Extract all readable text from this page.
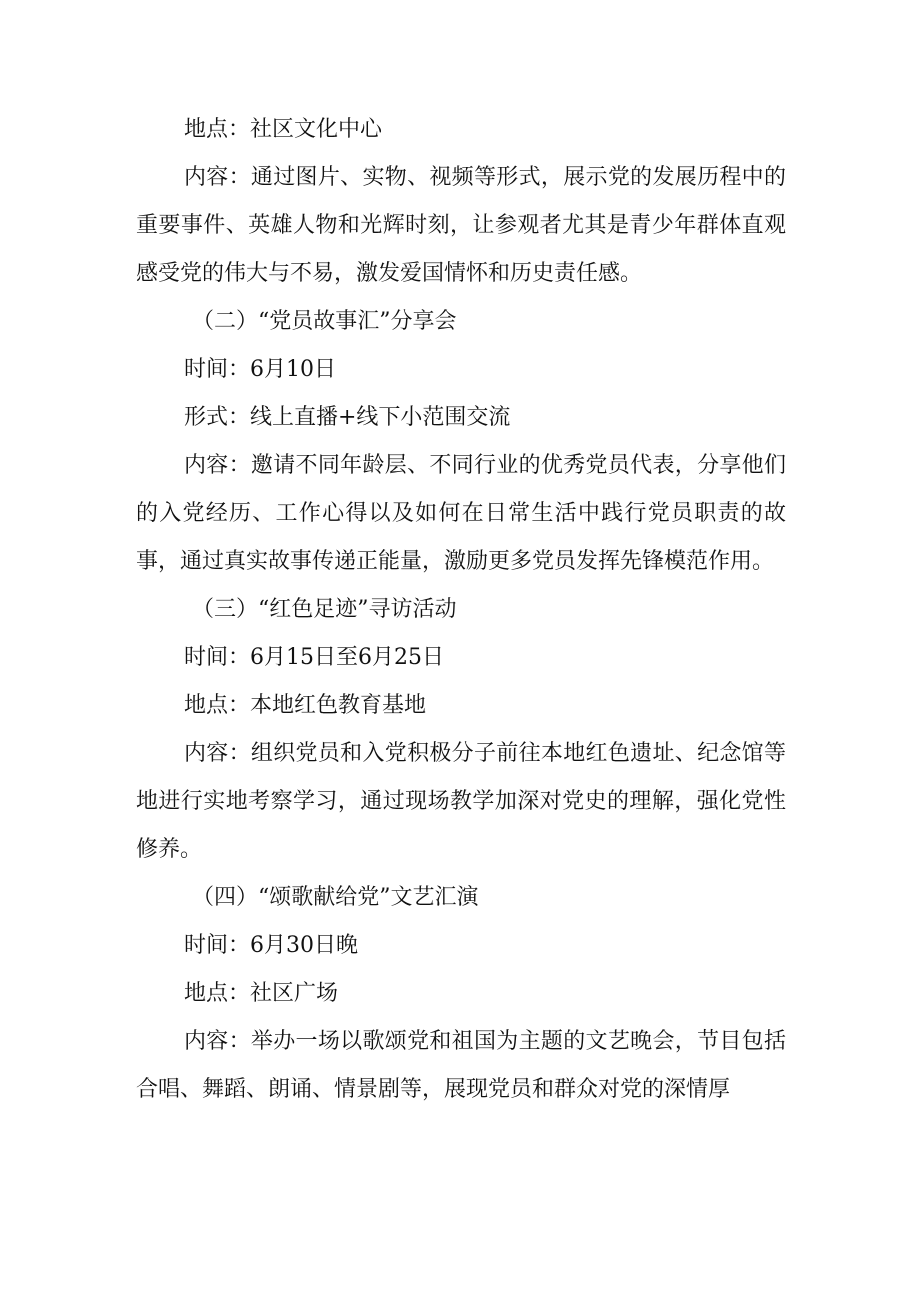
地点：社区文化中心

内容：通过图片、实物、视频等形式，展示党的发展历程中的重要事件、英雄人物和光辉时刻，让参观者尤其是青少年群体直观感受党的伟大与不易，激发爱国情怀和历史责任感。

（二）“党员故事汇”分享会

时间：6月10日

形式：线上直播+线下小范围交流

内容：邀请不同年龄层、不同行业的优秀党员代表，分享他们的入党经历、工作心得以及如何在日常生活中践行党员职责的故事，通过真实故事传递正能量，激励更多党员发挥先锋模范作用。

（三）“红色足迹”寻访活动

时间：6月15日至6月25日

地点：本地红色教育基地

内容：组织党员和入党积极分子前往本地红色遗址、纪念馆等地进行实地考察学习，通过现场教学加深对党史的理解，强化党性修养。

（四）“颂歌献给党”文艺汇演

时间：6月30日晚

地点：社区广场

内容：举办一场以歌颂党和祖国为主题的文艺晚会，节目包括合唱、舞蹈、朗诵、情景剧等，展现党员和群众对党的深情厚
